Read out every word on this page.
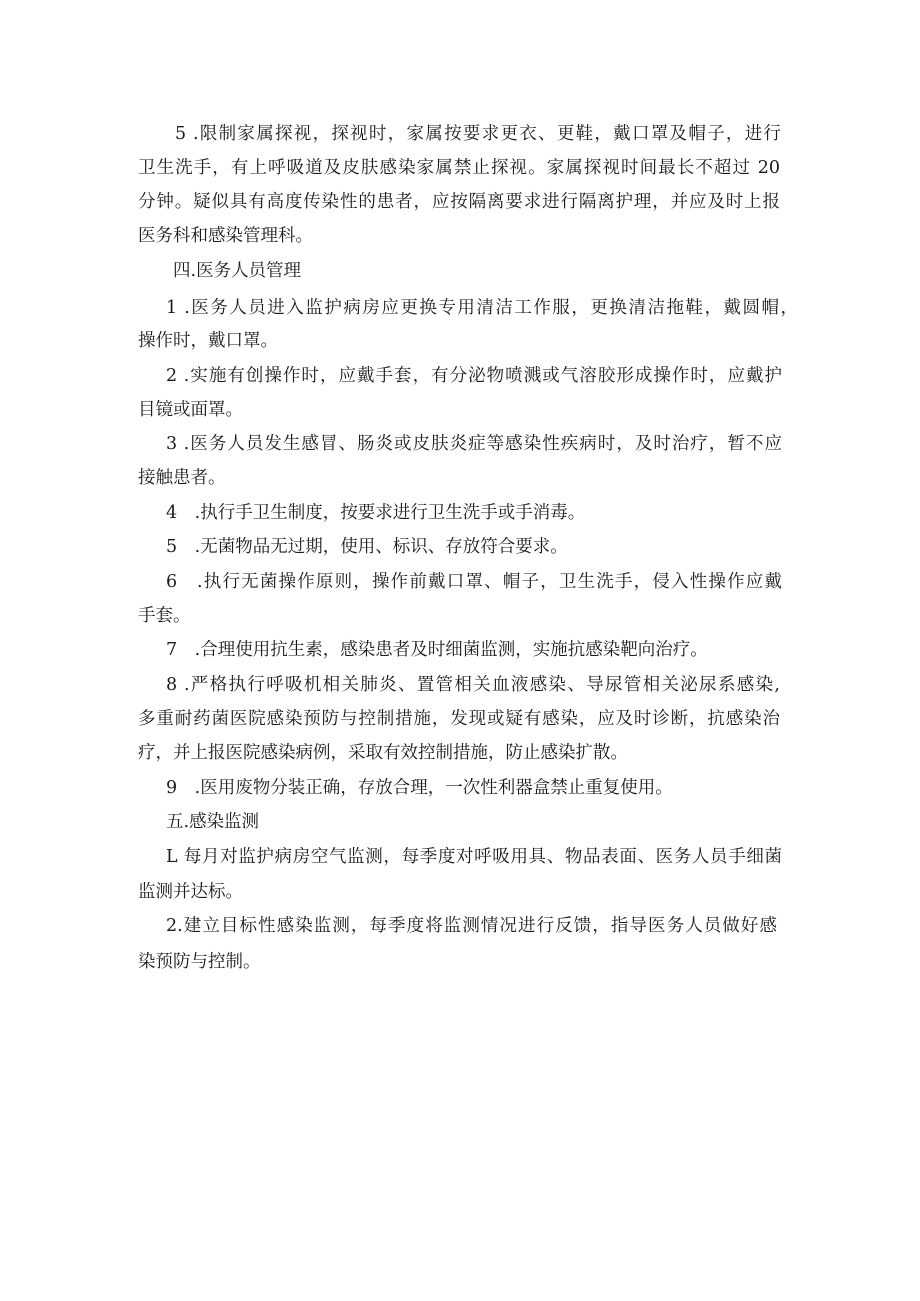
5 .限制家属探视，探视时，家属按要求更衣、更鞋，戴口罩及帽子，进行
卫生洗手，有上呼吸道及皮肤感染家属禁止探视。家属探视时间最长不超过 20
分钟。疑似具有高度传染性的患者，应按隔离要求进行隔离护理，并应及时上报
医务科和感染管理科。
四.医务人员管理
1 .医务人员进入监护病房应更换专用清洁工作服，更换清洁拖鞋，戴圆帽，
操作时，戴口罩。
2 .实施有创操作时，应戴手套，有分泌物喷溅或气溶胶形成操作时，应戴护
目镜或面罩。
3 .医务人员发生感冒、肠炎或皮肤炎症等感染性疾病时，及时治疗，暂不应
接触患者。
4　.执行手卫生制度，按要求进行卫生洗手或手消毒。
5　.无菌物品无过期，使用、标识、存放符合要求。
6　.执行无菌操作原则，操作前戴口罩、帽子，卫生洗手，侵入性操作应戴
手套。
7　.合理使用抗生素，感染患者及时细菌监测，实施抗感染靶向治疗。
8 .严格执行呼吸机相关肺炎、置管相关血液感染、导尿管相关泌尿系感染,
多重耐药菌医院感染预防与控制措施，发现或疑有感染，应及时诊断，抗感染治
疗，并上报医院感染病例，采取有效控制措施，防止感染扩散。
9　.医用废物分装正确，存放合理，一次性利器盒禁止重复使用。
五.感染监测
L 每月对监护病房空气监测，每季度对呼吸用具、物品表面、医务人员手细菌
监测并达标。
2.建立目标性感染监测，每季度将监测情况进行反馈，指导医务人员做好感
染预防与控制。
